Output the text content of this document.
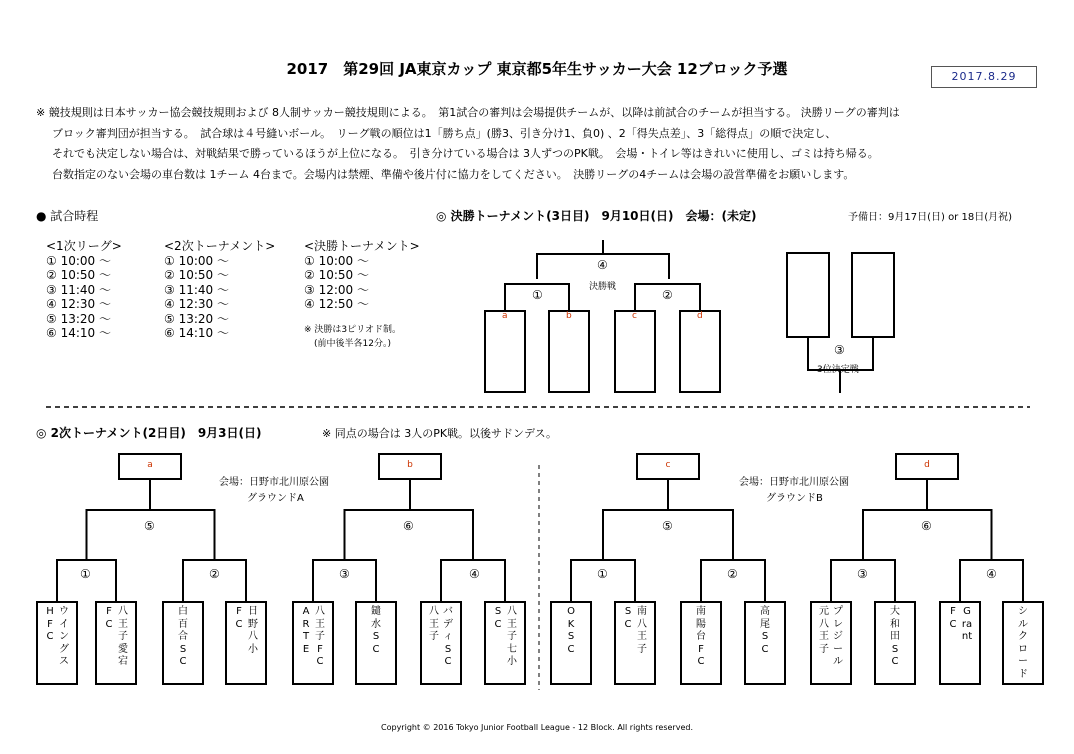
2017　第29回 JA東京カップ 東京都5年生サッカー大会 12ブロック予選	2017.8.29
※ 競技規則は日本サッカー協会競技規則および 8人制サッカー競技規則による。　第1試合の審判は会場提供チームが、以降は前試合のチームが担当する。 決勝リーグの審判は
ブロック審判団が担当する。　試合球は４号縫いボール。　リーグ戦の順位は1「勝ち点」(勝3、引き分け1、負0) 、2「得失点差」、3「総得点」の順で決定し、
それでも決定しない場合は、対戦結果で勝っているほうが上位になる。　引き分けている場合は 3人ずつのPK戦。　会場・トイレ等はきれいに使用し、ゴミは持ち帰る。
台数指定のない会場の車台数は 1チーム 4台まで。会場内は禁煙、準備や後片付に協力をしてください。　決勝リーグの4チームは会場の設営準備をお願いします。
● 試合時程
<1次リーグ>
① 10:00 ～
② 10:50 ～
③ 11:40 ～
④ 12:30 ～
⑤ 13:20 ～
⑥ 14:10 ～
<2次トーナメント>
① 10:00 ～
② 10:50 ～
③ 11:40 ～
④ 12:30 ～
⑤ 13:20 ～
⑥ 14:10 ～
<決勝トーナメント>
① 10:00 ～
② 10:50 ～
③ 12:00 ～
④ 12:50 ～
※ 決勝は3ピリオド制。
(前中後半各12分。)
◎ 決勝トーナメント(3日目)　9月10日(日)　会場：(未定)	予備日：9月17日(日) or 18日(月祝)
④
決勝戦
①	②
a	b	c	d
③
3位決定戦
◎ 2次トーナメント(2日目)　9月3日(日)	※ 同点の場合は 3人のPK戦。以後サドンデス。
会場：日野市北川原公園
グラウンドA
会場：日野市北川原公園
グラウンドB
a	b	c	d
⑤	⑥	⑤	⑥
①	②	③	④	①	②	③	④
ウイングス
HFC
八王子愛宕
FC
白百合SC
日野八小
FC
八王子FC
ARTE
鑓水SC
バディSC
八王子
八王子七小
SC
OKSC
南八王子
SC
南陽台FC
高尾SC
プレジール
元八王子
大和田SC
Grant
FC
シルクロード
Copyright © 2016 Tokyo Junior Football League - 12 Block. All rights reserved.
